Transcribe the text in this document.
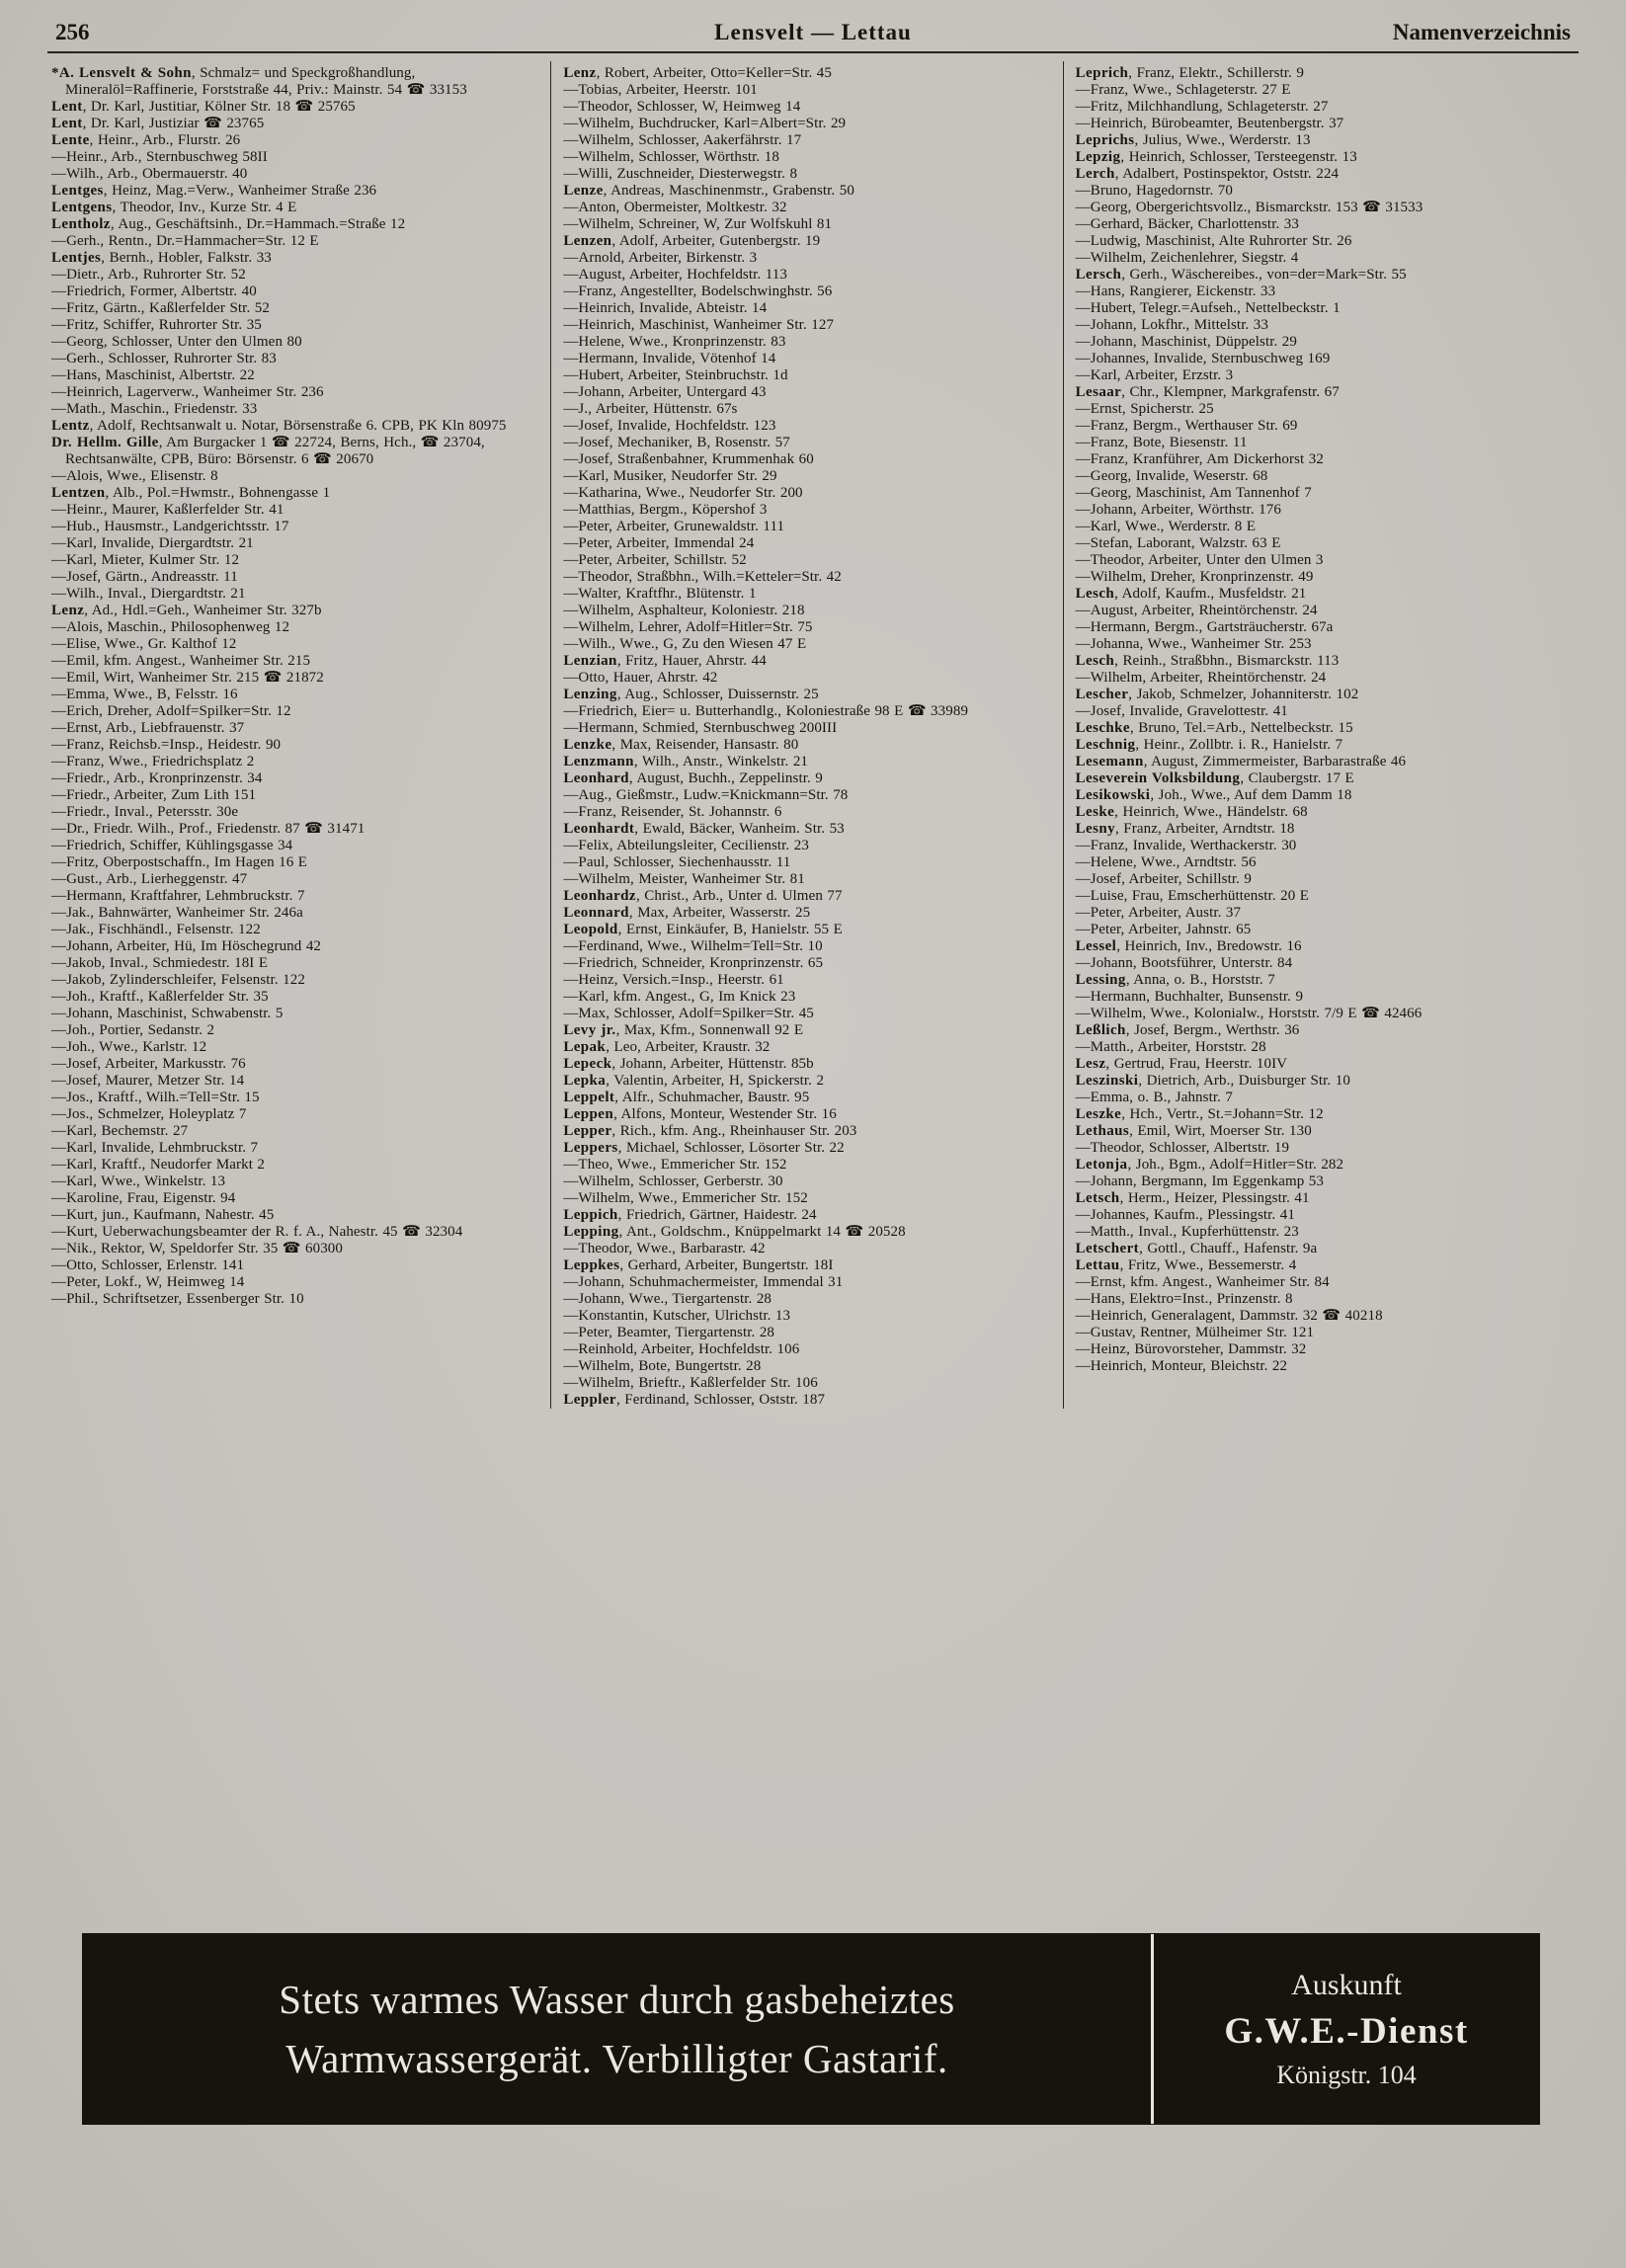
256	Lensvelt — Lettau	Namenverzeichnis

*A. Lensvelt & Sohn, Schmalz= und Speckgroßhandlung, Mineralöl=Raffinerie, Forststraße 44, Priv.: Mainstr. 54 ☎ 33153

Lent, Dr. Karl, Justitiar, Kölner Str. 18 ☎ 25765

Lent, Dr. Karl, Justiziar ☎ 23765

Lente, Heinr., Arb., Flurstr. 26

—Heinr., Arb., Sternbuschweg 58II

—Wilh., Arb., Obermauerstr. 40

Lentges, Heinz, Mag.=Verw., Wanheimer Straße 236

Lentgens, Theodor, Inv., Kurze Str. 4 E

Lentholz, Aug., Geschäftsinh., Dr.=Hammach.=Straße 12

—Gerh., Rentn., Dr.=Hammacher=Str. 12 E

Lentjes, Bernh., Hobler, Falkstr. 33

—Dietr., Arb., Ruhrorter Str. 52

—Friedrich, Former, Albertstr. 40

—Fritz, Gärtn., Kaßlerfelder Str. 52

—Fritz, Schiffer, Ruhrorter Str. 35

—Georg, Schlosser, Unter den Ulmen 80

—Gerh., Schlosser, Ruhrorter Str. 83

—Hans, Maschinist, Albertstr. 22

—Heinrich, Lagerverw., Wanheimer Str. 236

—Math., Maschin., Friedenstr. 33

Lentz, Adolf, Rechtsanwalt u. Notar, Börsenstraße 6. CPB, PK Kln 80975

Dr. Hellm. Gille, Am Burgacker 1 ☎ 22724, Berns, Hch., ☎ 23704, Rechtsanwälte, CPB, Büro: Börsenstr. 6 ☎ 20670

—Alois, Wwe., Elisenstr. 8

Lentzen, Alb., Pol.=Hwmstr., Bohnengasse 1

—Heinr., Maurer, Kaßlerfelder Str. 41

—Hub., Hausmstr., Landgerichtsstr. 17

—Karl, Invalide, Diergardtstr. 21

—Karl, Mieter, Kulmer Str. 12

—Josef, Gärtn., Andreasstr. 11

—Wilh., Inval., Diergardtstr. 21

Lenz, Ad., Hdl.=Geh., Wanheimer Str. 327b

—Alois, Maschin., Philosophenweg 12

—Elise, Wwe., Gr. Kalthof 12

—Emil, kfm. Angest., Wanheimer Str. 215

—Emil, Wirt, Wanheimer Str. 215 ☎ 21872

—Emma, Wwe., B, Felsstr. 16

—Erich, Dreher, Adolf=Spilker=Str. 12

—Ernst, Arb., Liebfrauenstr. 37

—Franz, Reichsb.=Insp., Heidestr. 90

—Franz, Wwe., Friedrichsplatz 2

—Friedr., Arb., Kronprinzenstr. 34

—Friedr., Arbeiter, Zum Lith 151

—Friedr., Inval., Petersstr. 30e

—Dr., Friedr. Wilh., Prof., Friedenstr. 87 ☎ 31471

—Friedrich, Schiffer, Kühlingsgasse 34

—Fritz, Oberpostschaffn., Im Hagen 16 E

—Gust., Arb., Lierheggenstr. 47

—Hermann, Kraftfahrer, Lehmbruckstr. 7

—Jak., Bahnwärter, Wanheimer Str. 246a

—Jak., Fischhändl., Felsenstr. 122

—Johann, Arbeiter, Hü, Im Höschegrund 42

—Jakob, Inval., Schmiedestr. 18I E

—Jakob, Zylinderschleifer, Felsenstr. 122

—Joh., Kraftf., Kaßlerfelder Str. 35

—Johann, Maschinist, Schwabenstr. 5

—Joh., Portier, Sedanstr. 2

—Joh., Wwe., Karlstr. 12

—Josef, Arbeiter, Markusstr. 76

—Josef, Maurer, Metzer Str. 14

—Jos., Kraftf., Wilh.=Tell=Str. 15

—Jos., Schmelzer, Holeyplatz 7

—Karl, Bechemstr. 27

—Karl, Invalide, Lehmbruckstr. 7

—Karl, Kraftf., Neudorfer Markt 2

—Karl, Wwe., Winkelstr. 13

—Karoline, Frau, Eigenstr. 94

—Kurt, jun., Kaufmann, Nahestr. 45

—Kurt, Ueberwachungsbeamter der R. f. A., Nahestr. 45 ☎ 32304

—Nik., Rektor, W, Speldorfer Str. 35 ☎ 60300

—Otto, Schlosser, Erlenstr. 141

—Peter, Lokf., W, Heimweg 14

—Phil., Schriftsetzer, Essenberger Str. 10

Lenz, Robert, Arbeiter, Otto=Keller=Str. 45

—Tobias, Arbeiter, Heerstr. 101

—Theodor, Schlosser, W, Heimweg 14

—Wilhelm, Buchdrucker, Karl=Albert=Str. 29

—Wilhelm, Schlosser, Aakerfährstr. 17

—Wilhelm, Schlosser, Wörthstr. 18

—Willi, Zuschneider, Diesterwegstr. 8

Lenze, Andreas, Maschinenmstr., Grabenstr. 50

—Anton, Obermeister, Moltkestr. 32

—Wilhelm, Schreiner, W, Zur Wolfskuhl 81

Lenzen, Adolf, Arbeiter, Gutenbergstr. 19

—Arnold, Arbeiter, Birkenstr. 3

—August, Arbeiter, Hochfeldstr. 113

—Franz, Angestellter, Bodelschwinghstr. 56

—Heinrich, Invalide, Abteistr. 14

—Heinrich, Maschinist, Wanheimer Str. 127

—Helene, Wwe., Kronprinzenstr. 83

—Hermann, Invalide, Vötenhof 14

—Hubert, Arbeiter, Steinbruchstr. 1d

—Johann, Arbeiter, Untergard 43

—J., Arbeiter, Hüttenstr. 67s

—Josef, Invalide, Hochfeldstr. 123

—Josef, Mechaniker, B, Rosenstr. 57

—Josef, Straßenbahner, Krummenhak 60

—Karl, Musiker, Neudorfer Str. 29

—Katharina, Wwe., Neudorfer Str. 200

—Matthias, Bergm., Köpershof 3

—Peter, Arbeiter, Grunewaldstr. 111

—Peter, Arbeiter, Immendal 24

—Peter, Arbeiter, Schillstr. 52

—Theodor, Straßbhn., Wilh.=Ketteler=Str. 42

—Walter, Kraftfhr., Blütenstr. 1

—Wilhelm, Asphalteur, Koloniestr. 218

—Wilhelm, Lehrer, Adolf=Hitler=Str. 75

—Wilh., Wwe., G, Zu den Wiesen 47 E

Lenzian, Fritz, Hauer, Ahrstr. 44

—Otto, Hauer, Ahrstr. 42

Lenzing, Aug., Schlosser, Duissernstr. 25

—Friedrich, Eier= u. Butterhandlg., Koloniestraße 98 E ☎ 33989

—Hermann, Schmied, Sternbuschweg 200III

Lenzke, Max, Reisender, Hansastr. 80

Lenzmann, Wilh., Anstr., Winkelstr. 21

Leonhard, August, Buchh., Zeppelinstr. 9

—Aug., Gießmstr., Ludw.=Knickmann=Str. 78

—Franz, Reisender, St. Johannstr. 6

Leonhardt, Ewald, Bäcker, Wanheim. Str. 53

—Felix, Abteilungsleiter, Cecilienstr. 23

—Paul, Schlosser, Siechenhausstr. 11

—Wilhelm, Meister, Wanheimer Str. 81

Leonhardz, Christ., Arb., Unter d. Ulmen 77

Leonnard, Max, Arbeiter, Wasserstr. 25

Leopold, Ernst, Einkäufer, B, Hanielstr. 55 E

—Ferdinand, Wwe., Wilhelm=Tell=Str. 10

—Friedrich, Schneider, Kronprinzenstr. 65

—Heinz, Versich.=Insp., Heerstr. 61

—Karl, kfm. Angest., G, Im Knick 23

—Max, Schlosser, Adolf=Spilker=Str. 45

Levy jr., Max, Kfm., Sonnenwall 92 E

Lepak, Leo, Arbeiter, Kraustr. 32

Lepeck, Johann, Arbeiter, Hüttenstr. 85b

Lepka, Valentin, Arbeiter, H, Spickerstr. 2

Leppelt, Alfr., Schuhmacher, Baustr. 95

Leppen, Alfons, Monteur, Westender Str. 16

Lepper, Rich., kfm. Ang., Rheinhauser Str. 203

Leppers, Michael, Schlosser, Lösorter Str. 22

—Theo, Wwe., Emmericher Str. 152

—Wilhelm, Schlosser, Gerberstr. 30

—Wilhelm, Wwe., Emmericher Str. 152

Leppich, Friedrich, Gärtner, Haidestr. 24

Lepping, Ant., Goldschm., Knüppelmarkt 14 ☎ 20528

—Theodor, Wwe., Barbarastr. 42

Leppkes, Gerhard, Arbeiter, Bungertstr. 18I

—Johann, Schuhmachermeister, Immendal 31

—Johann, Wwe., Tiergartenstr. 28

—Konstantin, Kutscher, Ulrichstr. 13

—Peter, Beamter, Tiergartenstr. 28

—Reinhold, Arbeiter, Hochfeldstr. 106

—Wilhelm, Bote, Bungertstr. 28

—Wilhelm, Brieftr., Kaßlerfelder Str. 106

Leppler, Ferdinand, Schlosser, Oststr. 187

Leprich, Franz, Elektr., Schillerstr. 9

—Franz, Wwe., Schlageterstr. 27 E

—Fritz, Milchhandlung, Schlageterstr. 27

—Heinrich, Bürobeamter, Beutenbergstr. 37

Leprichs, Julius, Wwe., Werderstr. 13

Lepzig, Heinrich, Schlosser, Tersteegenstr. 13

Lerch, Adalbert, Postinspektor, Oststr. 224

—Bruno, Hagedornstr. 70

—Georg, Obergerichtsvollz., Bismarckstr. 153 ☎ 31533

—Gerhard, Bäcker, Charlottenstr. 33

—Ludwig, Maschinist, Alte Ruhrorter Str. 26

—Wilhelm, Zeichenlehrer, Siegstr. 4

Lersch, Gerh., Wäschereibes., von=der=Mark=Str. 55

—Hans, Rangierer, Eickenstr. 33

—Hubert, Telegr.=Aufseh., Nettelbeckstr. 1

—Johann, Lokfhr., Mittelstr. 33

—Johann, Maschinist, Düppelstr. 29

—Johannes, Invalide, Sternbuschweg 169

—Karl, Arbeiter, Erzstr. 3

Lesaar, Chr., Klempner, Markgrafenstr. 67

—Ernst, Spicherstr. 25

—Franz, Bergm., Werthauser Str. 69

—Franz, Bote, Biesenstr. 11

—Franz, Kranführer, Am Dickerhorst 32

—Georg, Invalide, Weserstr. 68

—Georg, Maschinist, Am Tannenhof 7

—Johann, Arbeiter, Wörthstr. 176

—Karl, Wwe., Werderstr. 8 E

—Stefan, Laborant, Walzstr. 63 E

—Theodor, Arbeiter, Unter den Ulmen 3

—Wilhelm, Dreher, Kronprinzenstr. 49

Lesch, Adolf, Kaufm., Musfeldstr. 21

—August, Arbeiter, Rheintörchenstr. 24

—Hermann, Bergm., Gartsträucherstr. 67a

—Johanna, Wwe., Wanheimer Str. 253

Lesch, Reinh., Straßbhn., Bismarckstr. 113

—Wilhelm, Arbeiter, Rheintörchenstr. 24

Lescher, Jakob, Schmelzer, Johanniterstr. 102

—Josef, Invalide, Gravelottestr. 41

Leschke, Bruno, Tel.=Arb., Nettelbeckstr. 15

Leschnig, Heinr., Zollbtr. i. R., Hanielstr. 7

Lesemann, August, Zimmermeister, Barbarastraße 46

Leseverein Volksbildung, Claubergstr. 17 E

Lesikowski, Joh., Wwe., Auf dem Damm 18

Leske, Heinrich, Wwe., Händelstr. 68

Lesny, Franz, Arbeiter, Arndtstr. 18

—Franz, Invalide, Werthackerstr. 30

—Helene, Wwe., Arndtstr. 56

—Josef, Arbeiter, Schillstr. 9

—Luise, Frau, Emscherhüttenstr. 20 E

—Peter, Arbeiter, Austr. 37

—Peter, Arbeiter, Jahnstr. 65

Lessel, Heinrich, Inv., Bredowstr. 16

—Johann, Bootsführer, Unterstr. 84

Lessing, Anna, o. B., Horststr. 7

—Hermann, Buchhalter, Bunsenstr. 9

—Wilhelm, Wwe., Kolonialw., Horststr. 7/9 E ☎ 42466

Leßlich, Josef, Bergm., Werthstr. 36

—Matth., Arbeiter, Horststr. 28

Lesz, Gertrud, Frau, Heerstr. 10IV

Leszinski, Dietrich, Arb., Duisburger Str. 10

—Emma, o. B., Jahnstr. 7

Leszke, Hch., Vertr., St.=Johann=Str. 12

Lethaus, Emil, Wirt, Moerser Str. 130

—Theodor, Schlosser, Albertstr. 19

Letonja, Joh., Bgm., Adolf=Hitler=Str. 282

—Johann, Bergmann, Im Eggenkamp 53

Letsch, Herm., Heizer, Plessingstr. 41

—Johannes, Kaufm., Plessingstr. 41

—Matth., Inval., Kupferhüttenstr. 23

Letschert, Gottl., Chauff., Hafenstr. 9a

Lettau, Fritz, Wwe., Bessemerstr. 4

—Ernst, kfm. Angest., Wanheimer Str. 84

—Hans, Elektro=Inst., Prinzenstr. 8

—Heinrich, Generalagent, Dammstr. 32 ☎ 40218

—Gustav, Rentner, Mülheimer Str. 121

—Heinz, Bürovorsteher, Dammstr. 32

—Heinrich, Monteur, Bleichstr. 22

Stets warmes Wasser durch gasbeheiztes
Warmwassergerät. Verbilligter Gastarif.
Auskunft
G.W.E.-Dienst
Königstr. 104
